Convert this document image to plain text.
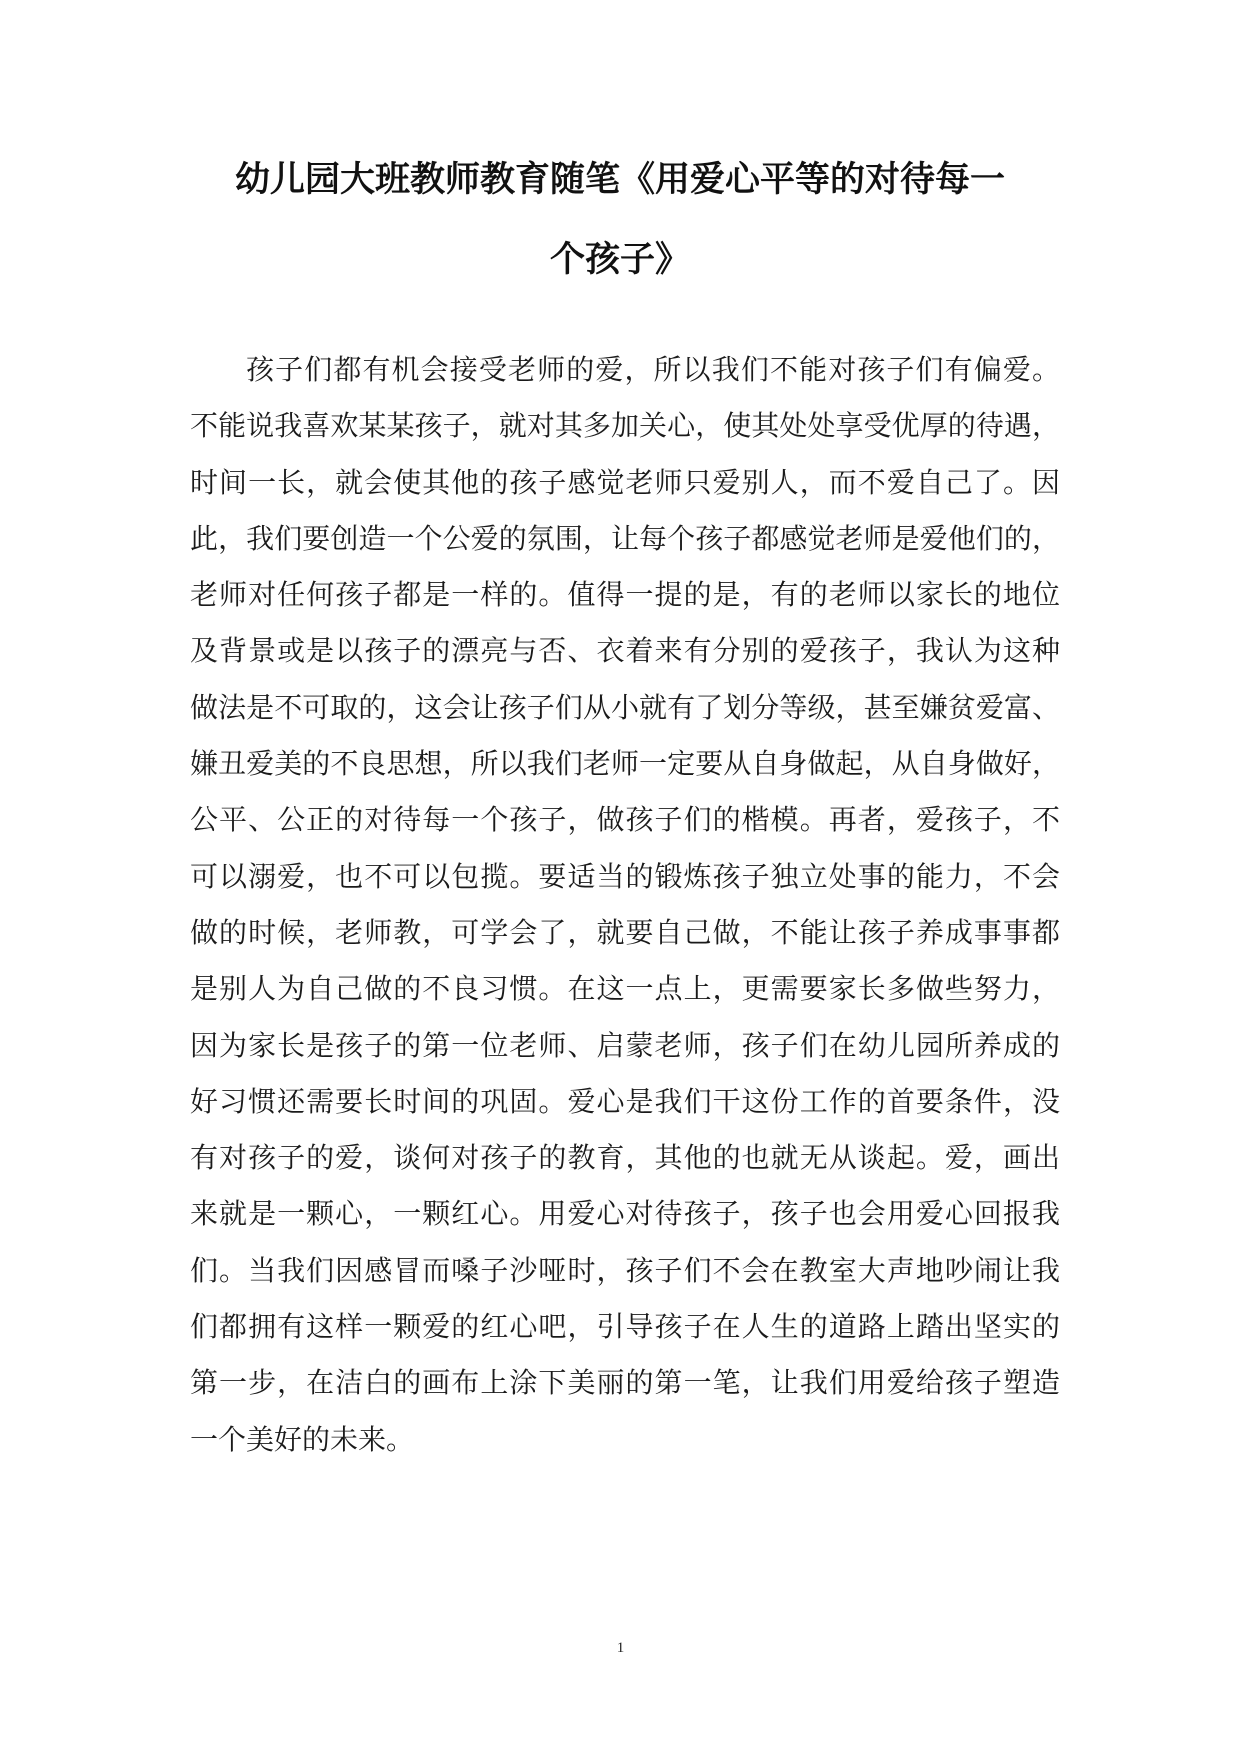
幼儿园大班教师教育随笔《用爱心平等的对待每一
个孩子》
孩子们都有机会接受老师的爱，所以我们不能对孩子们有偏爱。
不能说我喜欢某某孩子，就对其多加关心，使其处处享受优厚的待遇，
时间一长，就会使其他的孩子感觉老师只爱别人，而不爱自己了。因
此，我们要创造一个公爱的氛围，让每个孩子都感觉老师是爱他们的，
老师对任何孩子都是一样的。值得一提的是，有的老师以家长的地位
及背景或是以孩子的漂亮与否、衣着来有分别的爱孩子，我认为这种
做法是不可取的，这会让孩子们从小就有了划分等级，甚至嫌贫爱富、
嫌丑爱美的不良思想，所以我们老师一定要从自身做起，从自身做好，
公平、公正的对待每一个孩子，做孩子们的楷模。再者，爱孩子，不
可以溺爱，也不可以包揽。要适当的锻炼孩子独立处事的能力，不会
做的时候，老师教，可学会了，就要自己做，不能让孩子养成事事都
是别人为自己做的不良习惯。在这一点上，更需要家长多做些努力，
因为家长是孩子的第一位老师、启蒙老师，孩子们在幼儿园所养成的
好习惯还需要长时间的巩固。爱心是我们干这份工作的首要条件，没
有对孩子的爱，谈何对孩子的教育，其他的也就无从谈起。爱，画出
来就是一颗心，一颗红心。用爱心对待孩子，孩子也会用爱心回报我
们。当我们因感冒而嗓子沙哑时，孩子们不会在教室大声地吵闹让我
们都拥有这样一颗爱的红心吧，引导孩子在人生的道路上踏出坚实的
第一步，在洁白的画布上涂下美丽的第一笔，让我们用爱给孩子塑造
一个美好的未来。
1
